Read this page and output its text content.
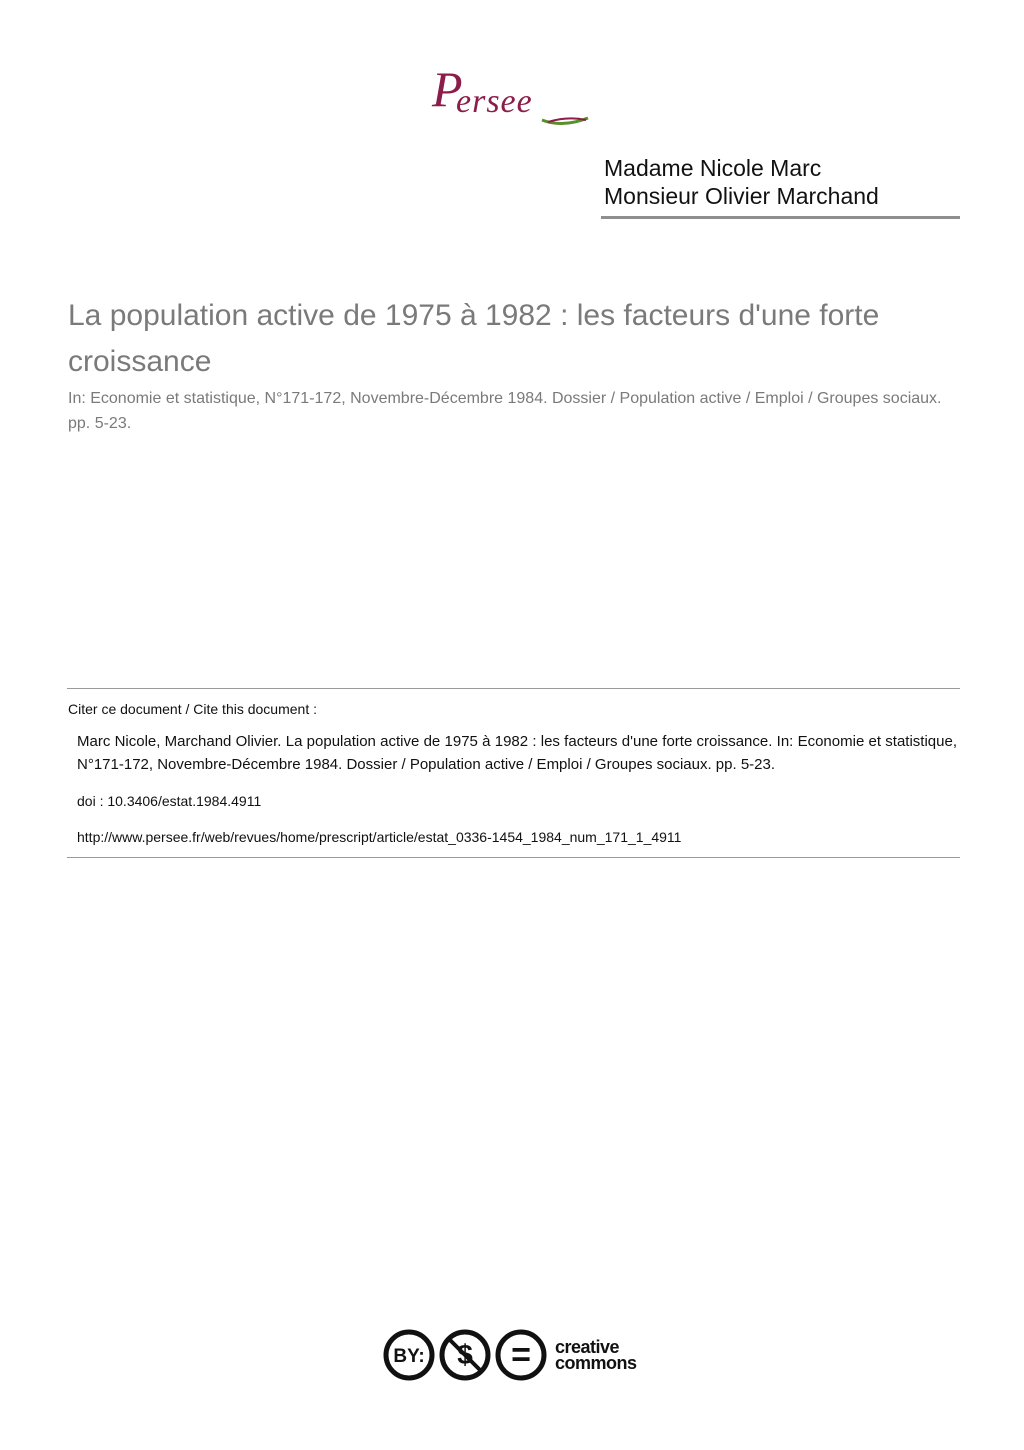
P
ersee
Madame Nicole Marc
Monsieur Olivier Marchand
La population active de 1975 à 1982 : les facteurs d'une forte croissance
In: Economie et statistique, N°171-172, Novembre-Décembre 1984. Dossier / Population active / Emploi / Groupes sociaux. pp. 5-23.
Citer ce document / Cite this document :
Marc Nicole, Marchand Olivier. La population active de 1975 à 1982 : les facteurs d'une forte croissance. In: Economie et statistique, N°171-172, Novembre-Décembre 1984. Dossier / Population active / Emploi / Groupes sociaux. pp. 5-23.
doi : 10.3406/estat.1984.4911
http://www.persee.fr/web/revues/home/prescript/article/estat_0336-1454_1984_num_171_1_4911
BY: $ = creative
commons
